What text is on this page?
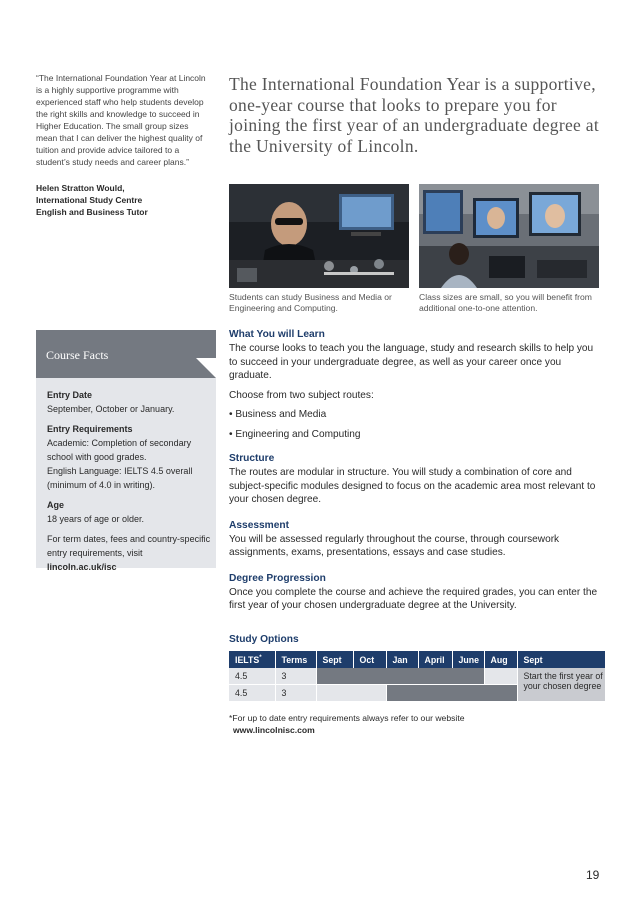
“The International Foundation Year at Lincoln is a highly supportive programme with experienced staff who help students develop the right skills and knowledge to succeed in Higher Education. The small group sizes mean that I can deliver the highest quality of tuition and provide advice tailored to a student’s study needs and career plans.”
Helen Stratton Would,
International Study Centre
English and Business Tutor
The International Foundation Year is a supportive, one-year course that looks to prepare you for joining the first year of an undergraduate degree at the University of Lincoln.
Students can study Business and Media or Engineering and Computing.
Class sizes are small, so you will benefit from additional one-to-one attention.
Course Facts
Entry Date

September, October or January.

Entry Requirements

Academic: Completion of secondary school with good grades.

English Language: IELTS 4.5 overall (minimum of 4.0 in writing).

Age

18 years of age or older.

For term dates, fees and country-specific entry requirements, visit lincoln.ac.uk/isc

What You will Learn

The course looks to teach you the language, study and research skills to help you to succeed in your undergraduate degree, as well as your career once you graduate.

Choose from two subject routes:

• Business and Media

• Engineering and Computing

Structure

The routes are modular in structure. You will study a combination of core and subject-specific modules designed to focus on the academic area most relevant to your chosen degree.

Assessment

You will be assessed regularly throughout the course, through coursework assignments, exams, presentations, essays and case studies.

Degree Progression

Once you complete the course and achieve the required grades, you can enter the first year of your chosen undergraduate degree at the University.

Study Options
IELTS*	Terms	Sept	Oct	Jan	April	June	Aug	Sept
4.5	3							Start the first year of your chosen degree
4.5	3							
*For up to date entry requirements always refer to our website
www.lincolnisc.com
19
